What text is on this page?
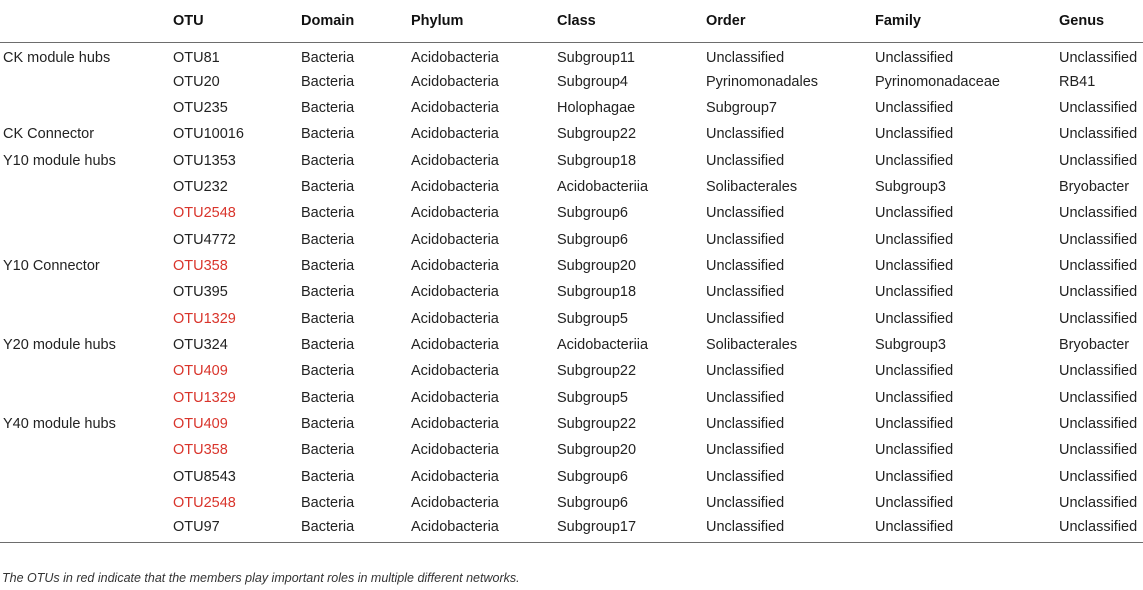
	OTU	Domain	Phylum	Class	Order	Family	Genus
CK module hubs	OTU81	Bacteria	Acidobacteria	Subgroup11	Unclassified	Unclassified	Unclassified
	OTU20	Bacteria	Acidobacteria	Subgroup4	Pyrinomonadales	Pyrinomonadaceae	RB41
	OTU235	Bacteria	Acidobacteria	Holophagae	Subgroup7	Unclassified	Unclassified
CK Connector	OTU10016	Bacteria	Acidobacteria	Subgroup22	Unclassified	Unclassified	Unclassified
Y10 module hubs	OTU1353	Bacteria	Acidobacteria	Subgroup18	Unclassified	Unclassified	Unclassified
	OTU232	Bacteria	Acidobacteria	Acidobacteriia	Solibacterales	Subgroup3	Bryobacter
	OTU2548	Bacteria	Acidobacteria	Subgroup6	Unclassified	Unclassified	Unclassified
	OTU4772	Bacteria	Acidobacteria	Subgroup6	Unclassified	Unclassified	Unclassified
Y10 Connector	OTU358	Bacteria	Acidobacteria	Subgroup20	Unclassified	Unclassified	Unclassified
	OTU395	Bacteria	Acidobacteria	Subgroup18	Unclassified	Unclassified	Unclassified
	OTU1329	Bacteria	Acidobacteria	Subgroup5	Unclassified	Unclassified	Unclassified
Y20 module hubs	OTU324	Bacteria	Acidobacteria	Acidobacteriia	Solibacterales	Subgroup3	Bryobacter
	OTU409	Bacteria	Acidobacteria	Subgroup22	Unclassified	Unclassified	Unclassified
	OTU1329	Bacteria	Acidobacteria	Subgroup5	Unclassified	Unclassified	Unclassified
Y40 module hubs	OTU409	Bacteria	Acidobacteria	Subgroup22	Unclassified	Unclassified	Unclassified
	OTU358	Bacteria	Acidobacteria	Subgroup20	Unclassified	Unclassified	Unclassified
	OTU8543	Bacteria	Acidobacteria	Subgroup6	Unclassified	Unclassified	Unclassified
	OTU2548	Bacteria	Acidobacteria	Subgroup6	Unclassified	Unclassified	Unclassified
	OTU97	Bacteria	Acidobacteria	Subgroup17	Unclassified	Unclassified	Unclassified
The OTUs in red indicate that the members play important roles in multiple different networks.
